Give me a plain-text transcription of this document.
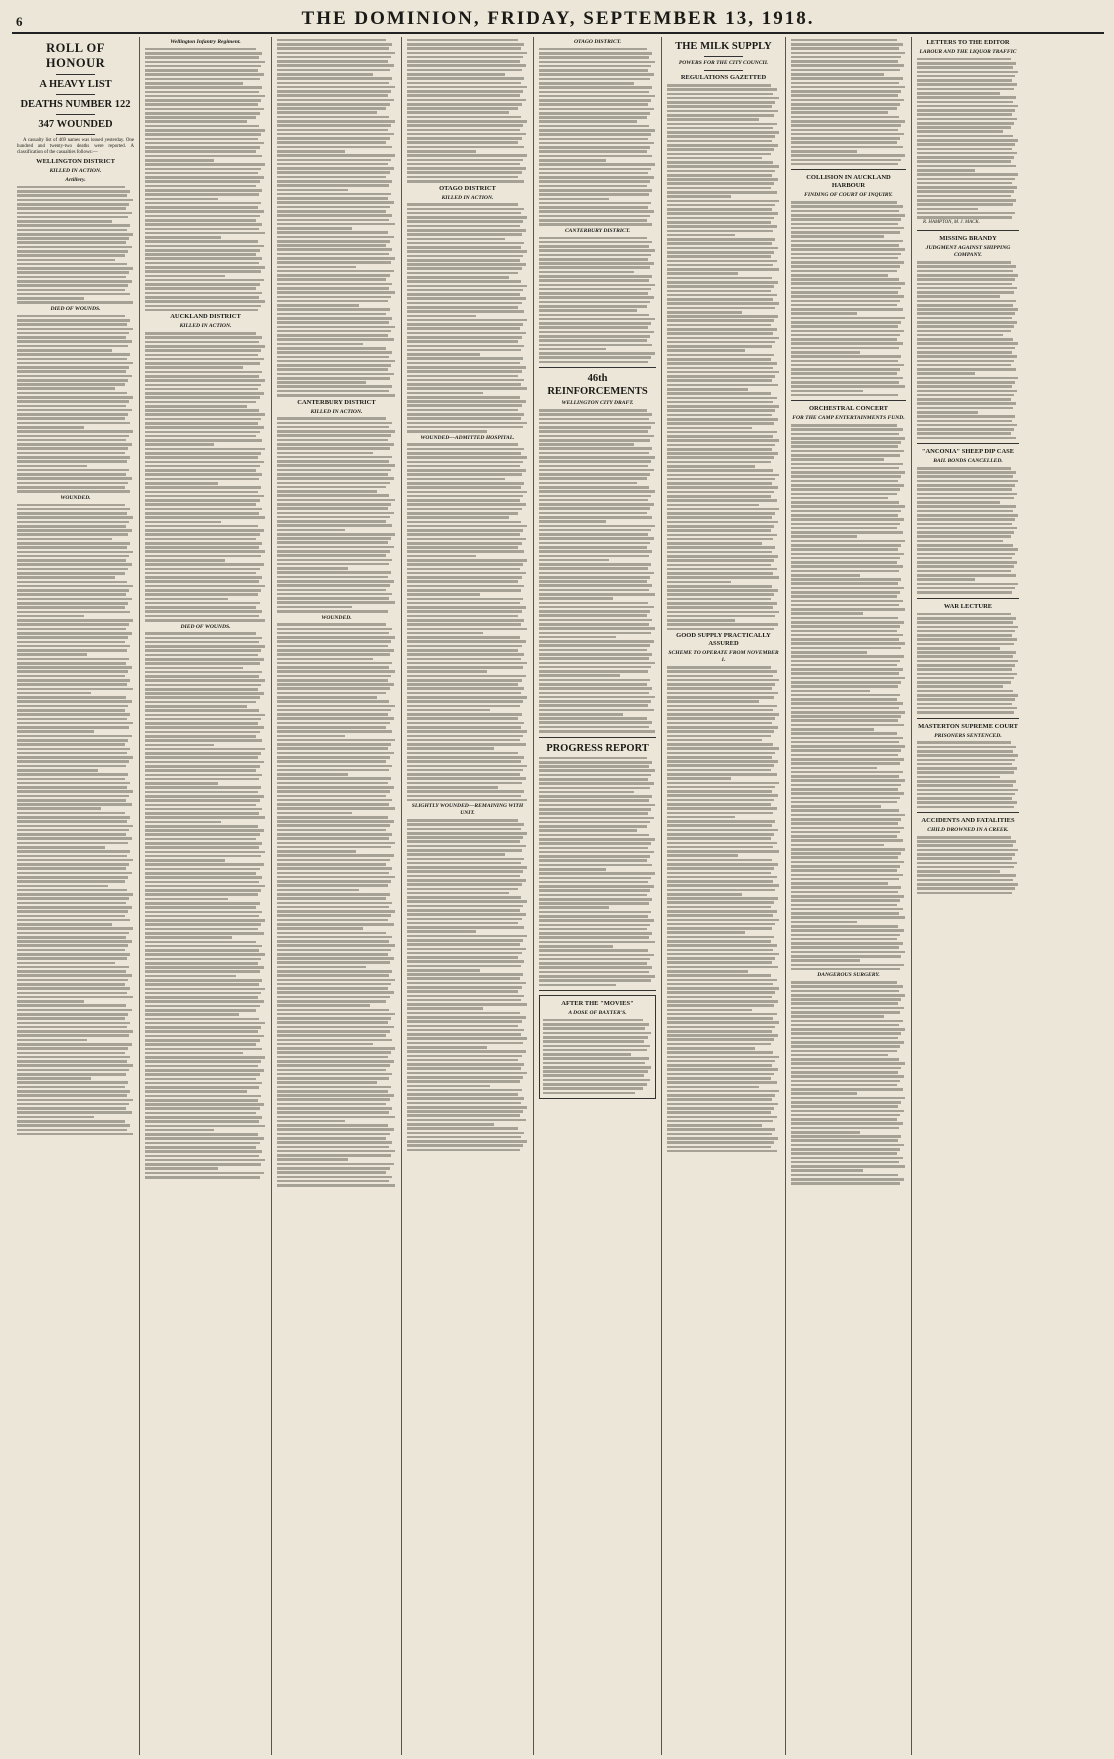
6	THE DOMINION, FRIDAY, SEPTEMBER 13, 1918.
ROLL OF HONOUR
A HEAVY LIST
DEATHS NUMBER 122
347 WOUNDED

A casualty list of 469 names was issued yesterday. One hundred and twenty-two deaths were reported. A classification of the casualties follows:—

WELLINGTON DISTRICT
KILLED IN ACTION.
Artillery.
DIED OF WOUNDS.
WOUNDED.
Wellington Infantry Regiment.
AUCKLAND DISTRICT
KILLED IN ACTION.
DIED OF WOUNDS.
CANTERBURY DISTRICT
KILLED IN ACTION.
WOUNDED.
OTAGO DISTRICT
KILLED IN ACTION.
WOUNDED—ADMITTED HOSPITAL.
SLIGHTLY WOUNDED—REMAINING WITH UNIT.
OTAGO DISTRICT.
CANTERBURY DISTRICT.
46th REINFORCEMENTS
WELLINGTON CITY DRAFT.
PROGRESS REPORT
AFTER THE "MOVIES"
A DOSE OF BAXTER'S.
THE MILK SUPPLY
POWERS FOR THE CITY COUNCIL
REGULATIONS GAZETTED
GOOD SUPPLY PRACTICALLY ASSURED
SCHEME TO OPERATE FROM NOVEMBER 1.
COLLISION IN AUCKLAND HARBOUR
FINDING OF COURT OF INQUIRY.
ORCHESTRAL CONCERT
FOR THE CAMP ENTERTAINMENTS FUND.
DANGEROUS SURGERY.
LETTERS TO THE EDITOR
LABOUR AND THE LIQUOR TRAFFIC
R. HAMPTON, M. J. MACK.
MISSING BRANDY
JUDGMENT AGAINST SHIPPING COMPANY.
"ANCONIA" SHEEP DIP CASE
BAIL BONDS CANCELLED.
WAR LECTURE
MASTERTON SUPREME COURT
PRISONERS SENTENCED.
ACCIDENTS AND FATALITIES
CHILD DROWNED IN A CREEK.
